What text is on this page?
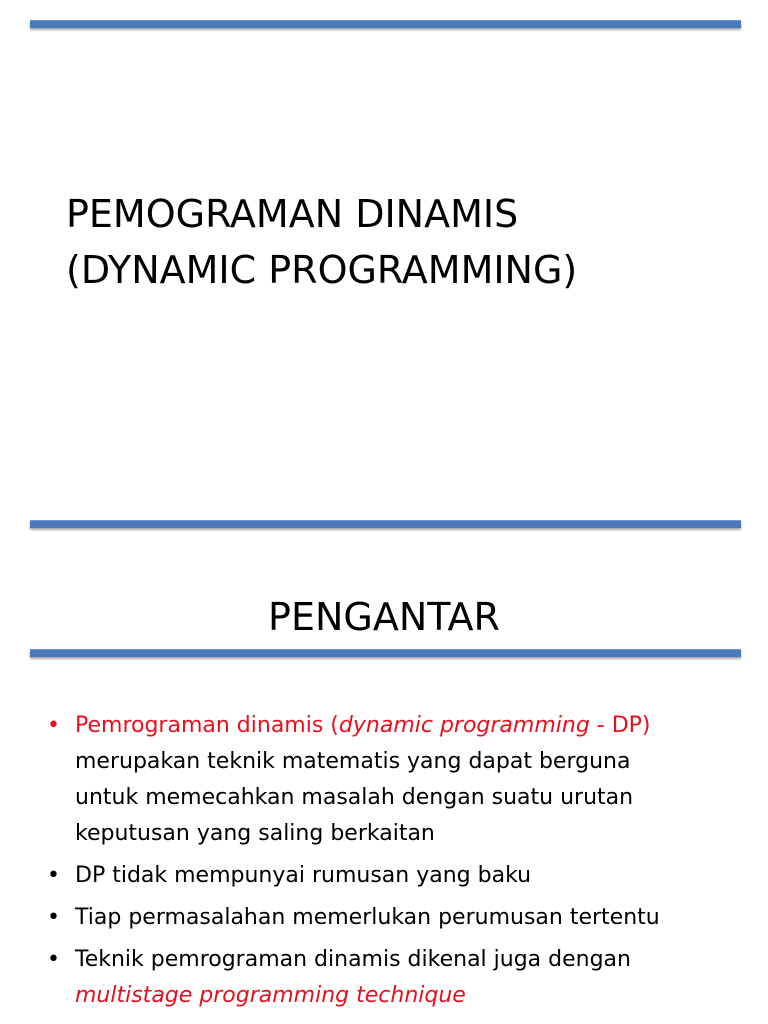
PEMOGRAMAN DINAMIS
(DYNAMIC PROGRAMMING)
PENGANTAR
• Pemrograman dinamis (dynamic programming - DP)
merupakan teknik matematis yang dapat berguna
untuk memecahkan masalah dengan suatu urutan
keputusan yang saling berkaitan
• DP tidak mempunyai rumusan yang baku
• Tiap permasalahan memerlukan perumusan tertentu
• Teknik pemrograman dinamis dikenal juga dengan
multistage programming technique
